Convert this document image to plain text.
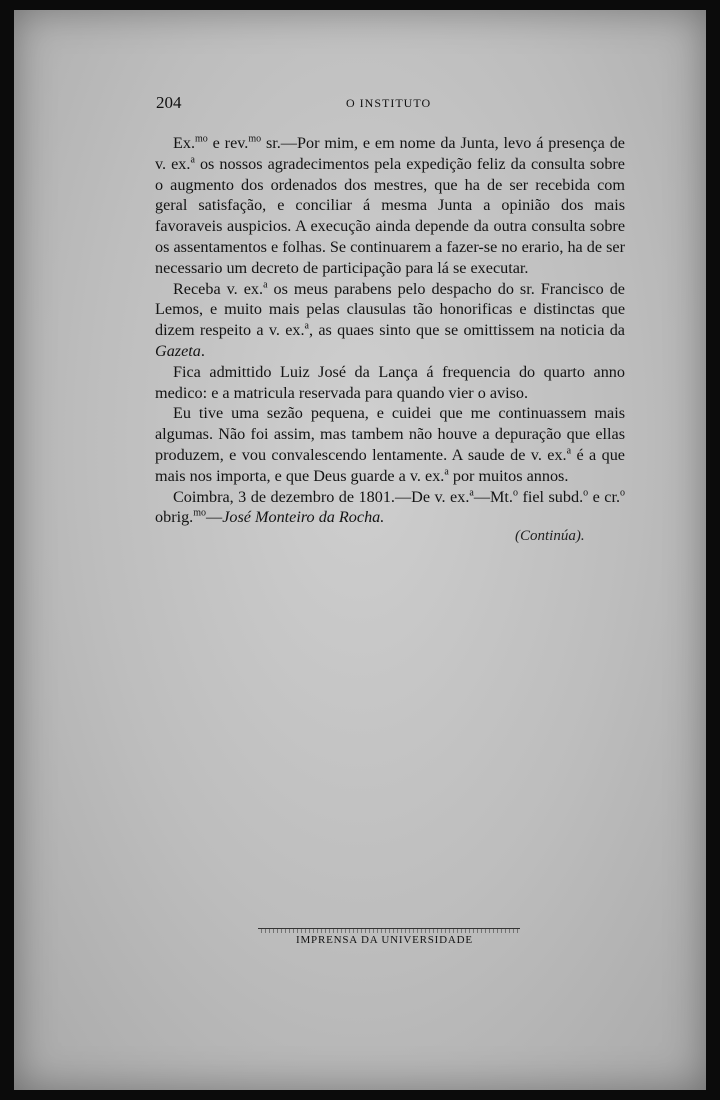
204	O INSTITUTO

Ex.$^{mo}$ e rev.$^{mo}$ sr.—Por mim, e em nome da Junta, levo á presença de v. ex.$^a$ os nossos agradecimentos pela expedição feliz da consulta sobre o augmento dos ordenados dos mestres, que ha de ser recebida com geral satisfação, e conciliar á mesma Junta a opinião dos mais favoraveis auspicios. A execução ainda depende da outra consulta sobre os assentamentos e folhas. Se continuarem a fazer-se no erario, ha de ser necessario um decreto de participação para lá se executar.

Receba v. ex.$^a$ os meus parabens pelo despacho do sr. Francisco de Lemos, e muito mais pelas clausulas tão honorificas e distinctas que dizem respeito a v. ex.$^a$, as quaes sinto que se omittissem na noticia da Gazeta.

Fica admittido Luiz José da Lança á frequencia do quarto anno medico: e a matricula reservada para quando vier o aviso.

Eu tive uma sezão pequena, e cuidei que me continuassem mais algumas. Não foi assim, mas tambem não houve a depuração que ellas produzem, e vou convalescendo lentamente. A saude de v. ex.$^a$ é a que mais nos importa, e que Deus guarde a v. ex.$^a$ por muitos annos.

Coimbra, 3 de dezembro de 1801.—De v. ex.$^a$—Mt.$^o$ fiel subd.$^o$ e cr.$^o$ obrig.$^{mo}$—José Monteiro da Rocha.

(Continúa).
IMPRENSA DA UNIVERSIDADE
